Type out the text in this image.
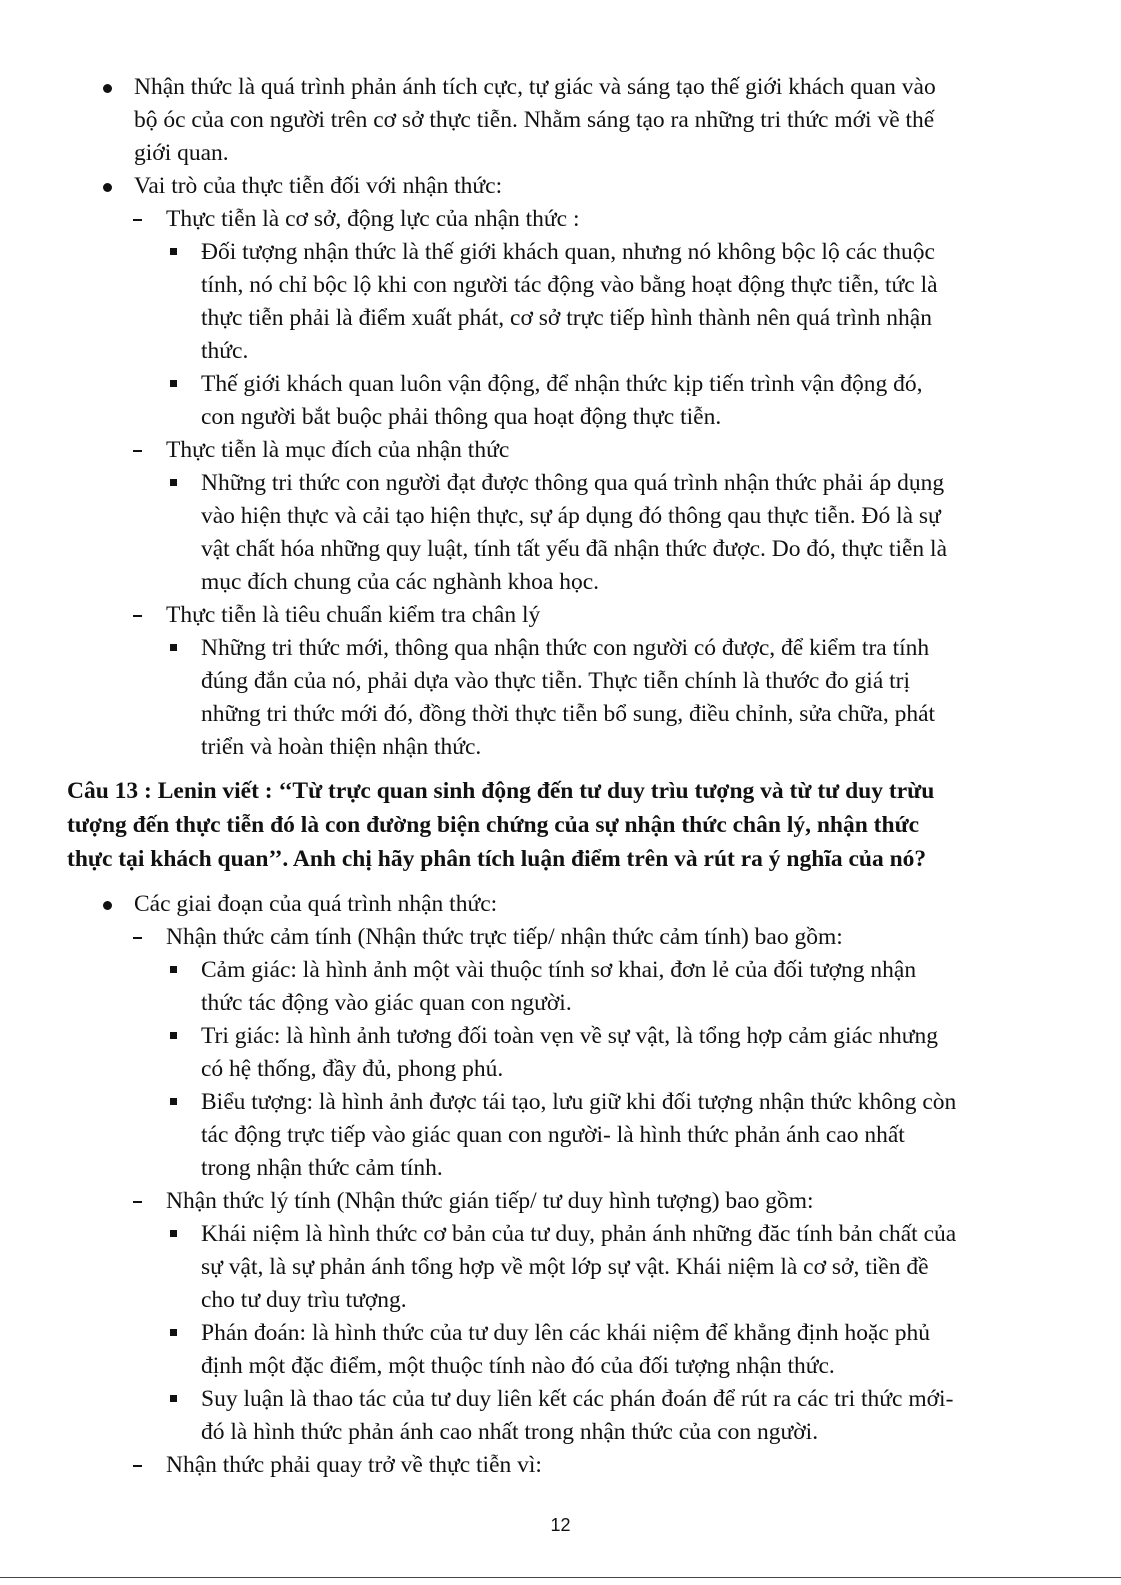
Nhận thức là quá trình phản ánh tích cực, tự giác và sáng tạo thế giới khách quan vào
bộ óc của con người trên cơ sở thực tiễn. Nhằm sáng tạo ra những tri thức mới về thế
giới quan.
Vai trò của thực tiễn đối với nhận thức:
Thực tiễn là cơ sở, động lực của nhận thức :
Đối tượng nhận thức là thế giới khách quan, nhưng nó không bộc lộ các thuộc
tính, nó chỉ bộc lộ khi con người tác động vào bằng hoạt động thực tiễn, tức là
thực tiễn phải là điểm xuất phát, cơ sở trực tiếp hình thành nên quá trình nhận
thức.
Thế giới khách quan luôn vận động, để nhận thức kịp tiến trình vận động đó,
con người bắt buộc phải thông qua hoạt động thực tiễn.
Thực tiễn là mục đích của nhận thức
Những tri thức con người đạt được thông qua quá trình nhận thức phải áp dụng
vào hiện thực và cải tạo hiện thực, sự áp dụng đó thông qau thực tiễn. Đó là sự
vật chất hóa những quy luật, tính tất yếu đã nhận thức được. Do đó, thực tiễn là
mục đích chung của các nghành khoa học.
Thực tiễn là tiêu chuẩn kiểm tra chân lý
Những tri thức mới, thông qua nhận thức con người có được, để kiểm tra tính
đúng đắn của nó, phải dựa vào thực tiễn. Thực tiễn chính là thước đo giá trị
những tri thức mới đó, đồng thời thực tiễn bổ sung, điều chỉnh, sửa chữa, phát
triển và hoàn thiện nhận thức.
Câu 13 : Lenin viết : ‘‘Từ trực quan sinh động đến tư duy trìu tượng và từ tư duy trừu
tượng đến thực tiễn đó là con đường biện chứng của sự nhận thức chân lý, nhận thức
thực tại khách quan’’. Anh chị hãy phân tích luận điểm trên và rút ra ý nghĩa của nó?
Các giai đoạn của quá trình nhận thức:
Nhận thức cảm tính (Nhận thức trực tiếp/ nhận thức cảm tính) bao gồm:
Cảm giác: là hình ảnh một vài thuộc tính sơ khai, đơn lẻ của đối tượng nhận
thức tác động vào giác quan con người.
Tri giác: là hình ảnh tương đối toàn vẹn về sự vật, là tổng hợp cảm giác nhưng
có hệ thống, đầy đủ, phong phú.
Biểu tượng: là hình ảnh được tái tạo, lưu giữ khi đối tượng nhận thức không còn
tác động trực tiếp vào giác quan con người- là hình thức phản ánh cao nhất
trong nhận thức cảm tính.
Nhận thức lý tính (Nhận thức gián tiếp/ tư duy hình tượng) bao gồm:
Khái niệm là hình thức cơ bản của tư duy, phản ánh những đăc tính bản chất của
sự vật, là sự phản ánh tổng hợp về một lớp sự vật. Khái niệm là cơ sở, tiền đề
cho tư duy trìu tượng.
Phán đoán: là hình thức của tư duy lên các khái niệm để khẳng định hoặc phủ
định một đặc điểm, một thuộc tính nào đó của đối tượng nhận thức.
Suy luận là thao tác của tư duy liên kết các phán đoán để rút ra các tri thức mới-
đó là hình thức phản ánh cao nhất trong nhận thức của con người.
Nhận thức phải quay trở về thực tiễn vì:
12
